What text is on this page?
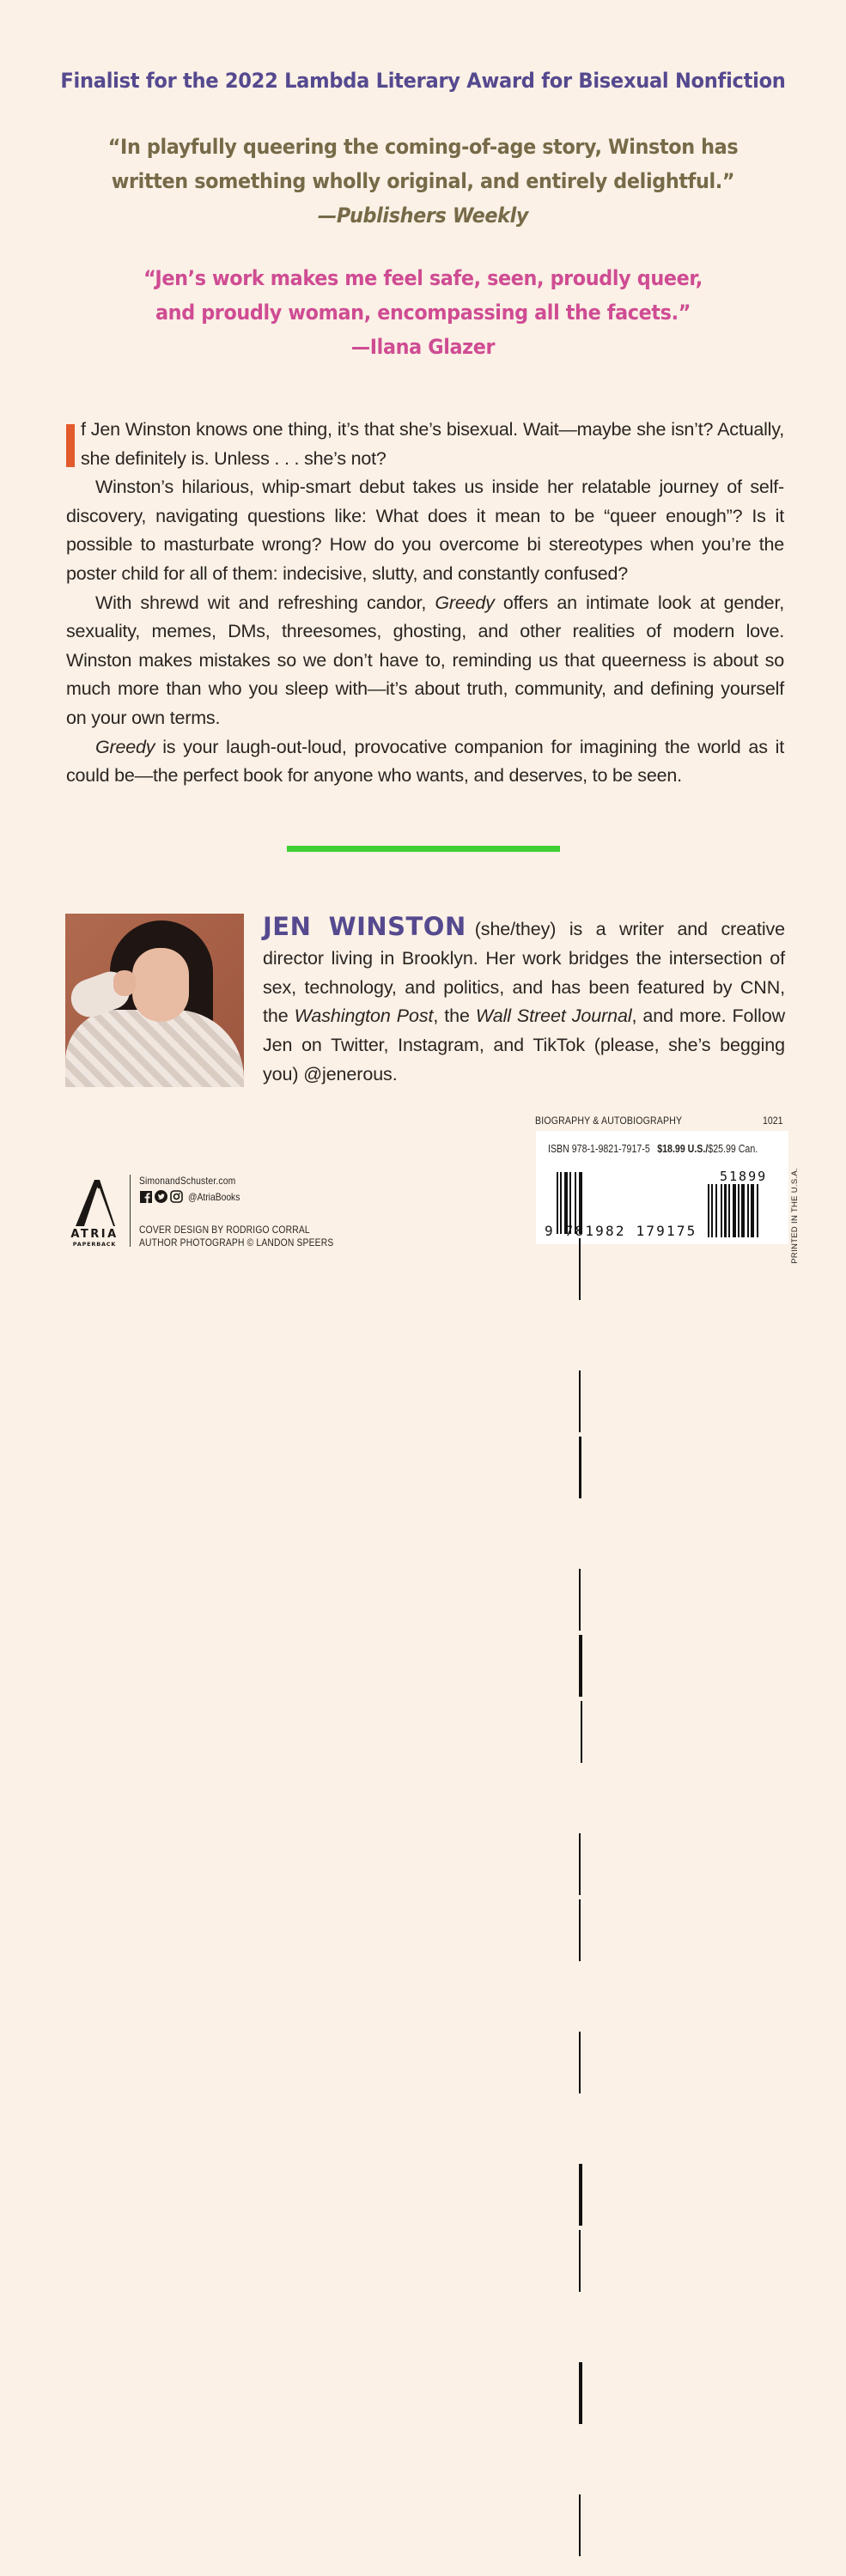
Finalist for the 2022 Lambda Literary Award for Bisexual Nonfiction
“In playfully queering the coming-of-age story, Winston has
written something wholly original, and entirely delightful.”
—Publishers Weekly
“Jen’s work makes me feel safe, seen, proudly queer,
and proudly woman, encompassing all the facets.”
—Ilana Glazer

f Jen Winston knows one thing, it’s that she’s bisexual. Wait—maybe she isn’t? Actually, she definitely is. Unless . . . she’s not?

Winston’s hilarious, whip-smart debut takes us inside her relatable journey of self-discovery, navigating questions like: What does it mean to be “queer enough”? Is it possible to masturbate wrong? How do you overcome bi stereotypes when you’re the poster child for all of them: indecisive, slutty, and constantly confused?

With shrewd wit and refreshing candor, Greedy offers an intimate look at gender, sexuality, memes, DMs, threesomes, ghosting, and other realities of modern love. Winston makes mistakes so we don’t have to, reminding us that queerness is about so much more than who you sleep with—it’s about truth, community, and defining yourself on your own terms.

Greedy is your laugh-out-loud, provocative companion for imagining the world as it could be—the perfect book for anyone who wants, and deserves, to be seen.

JEN WINSTON (she/they) is a writer and creative director living in Brooklyn. Her work bridges the intersection of sex, technology, and politics, and has been featured by CNN, the Washington Post, the Wall Street Journal, and more. Follow Jen on Twitter, Instagram, and TikTok (please, she’s begging you) @jenerous.
BIOGRAPHY & AUTOBIOGRAPHY	1021
ISBN 978-1-9821-7917-5 $18.99 U.S./$25.99 Can.

9 781982 179175
51899	PRINTED IN THE U.S.A.
ATRIA
PAPERBACK
SimonandSchuster.com
@AtriaBooks
COVER DESIGN BY RODRIGO CORRAL
AUTHOR PHOTOGRAPH © LANDON SPEERS
